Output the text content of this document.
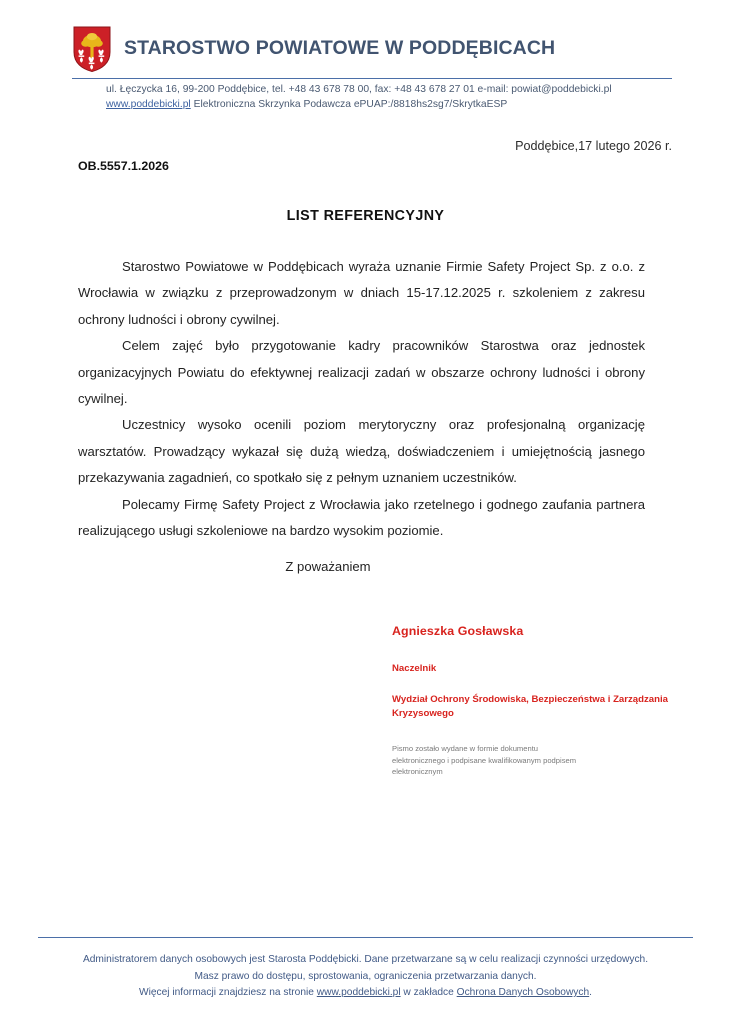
STAROSTWO POWIATOWE W PODDĘBICACH
ul. Łęczycka 16, 99-200 Poddębice, tel. +48 43 678 78 00, fax: +48 43 678 27 01 e-mail: powiat@poddebicki.pl
www.poddebicki.pl Elektroniczna Skrzynka Podawcza ePUAP:/8818hs2sg7/SkrytkaESP
Poddębice,17 lutego 2026 r.
OB.5557.1.2026
LIST REFERENCYJNY

Starostwo Powiatowe w Poddębicach wyraża uznanie Firmie Safety Project Sp. z o.o. z Wrocławia w związku z przeprowadzonym w dniach 15-17.12.2025 r. szkoleniem z zakresu ochrony ludności i obrony cywilnej.

Celem zajęć było przygotowanie kadry pracowników Starostwa oraz jednostek organizacyjnych Powiatu do efektywnej realizacji zadań w obszarze ochrony ludności i obrony cywilnej.

Uczestnicy wysoko ocenili poziom merytoryczny oraz profesjonalną organizację warsztatów. Prowadzący wykazał się dużą wiedzą, doświadczeniem i umiejętnością jasnego przekazywania zagadnień, co spotkało się z pełnym uznaniem uczestników.

Polecamy Firmę Safety Project z Wrocławia jako rzetelnego i godnego zaufania partnera realizującego usługi szkoleniowe na bardzo wysokim poziomie.

Z poważaniem
Agnieszka Gosławska
Naczelnik
Wydział Ochrony Środowiska, Bezpieczeństwa i Zarządzania Kryzysowego
Pismo zostało wydane w formie dokumentu elektronicznego i podpisane kwalifikowanym podpisem elektronicznym
Administratorem danych osobowych jest Starosta Poddębicki. Dane przetwarzane są w celu realizacji czynności urzędowych.
Masz prawo do dostępu, sprostowania, ograniczenia przetwarzania danych.
Więcej informacji znajdziesz na stronie www.poddebicki.pl w zakładce Ochrona Danych Osobowych.
